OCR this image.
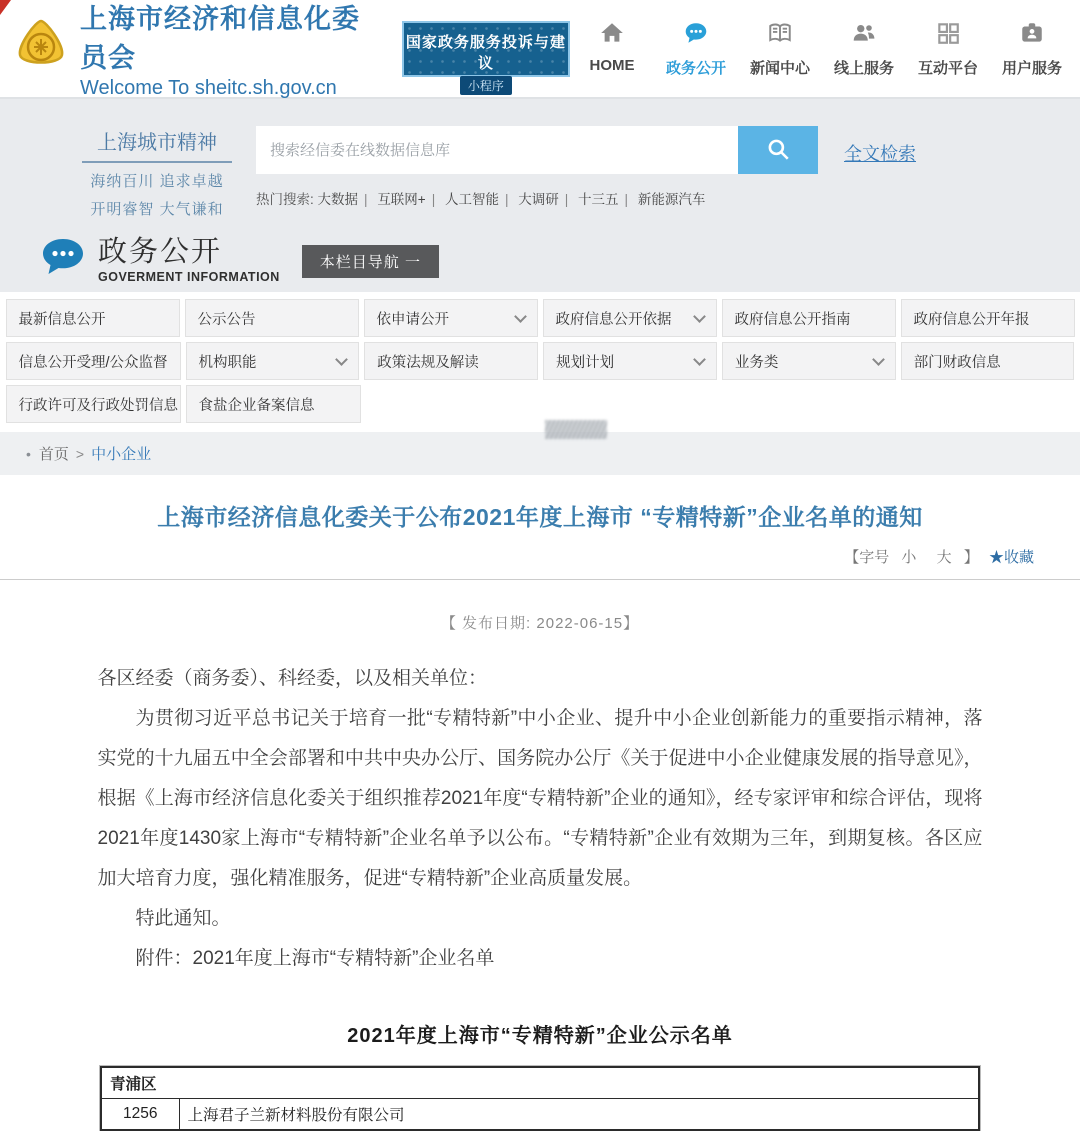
上海市经济和信息化委员会
Welcome To sheitc.sh.gov.cn
国家政务服务投诉与建议
小程序
HOME	政务公开	新闻中心	线上服务	互动平台	用户服务
上海城市精神
海纳百川 追求卓越
开明睿智 大气谦和
搜索经信委在线数据信息库
热门搜索: 大数据 | 互联网+ | 人工智能 | 大调研 | 十三五 | 新能源汽车
全文检索
政务公开
GOVERMENT INFORMATION
本栏目导航 一
最新信息公开	公示公告	依申请公开	政府信息公开依据	政府信息公开指南	政府信息公开年报
信息公开受理/公众监督 机构职能	政策法规及解读	规划计划	业务类	部门财政信息
行政许可及行政处罚信息 食盐企业备案信息
• 首页 > 中小企业
上海市经济信息化委关于公布2021年度上海市 “专精特新”企业名单的通知
【字号 小 大 】 ★收藏
【 发布日期: 2022-06-15】

各区经委（商务委）、科经委，以及相关单位：

为贯彻习近平总书记关于培育一批“专精特新”中小企业、提升中小企业创新能力的重要指示精神，落实党的十九届五中全会部署和中共中央办公厅、国务院办公厅《关于促进中小企业健康发展的指导意见》，根据《上海市经济信息化委关于组织推荐2021年度“专精特新”企业的通知》，经专家评审和综合评估，现将2021年度1430家上海市“专精特新”企业名单予以公布。“专精特新”企业有效期为三年，到期复核。各区应加大培育力度，强化精准服务，促进“专精特新”企业高质量发展。

特此通知。

附件：2021年度上海市“专精特新”企业名单

2021年度上海市“专精特新”企业公示名单
青浦区
1256	上海君子兰新材料股份有限公司
